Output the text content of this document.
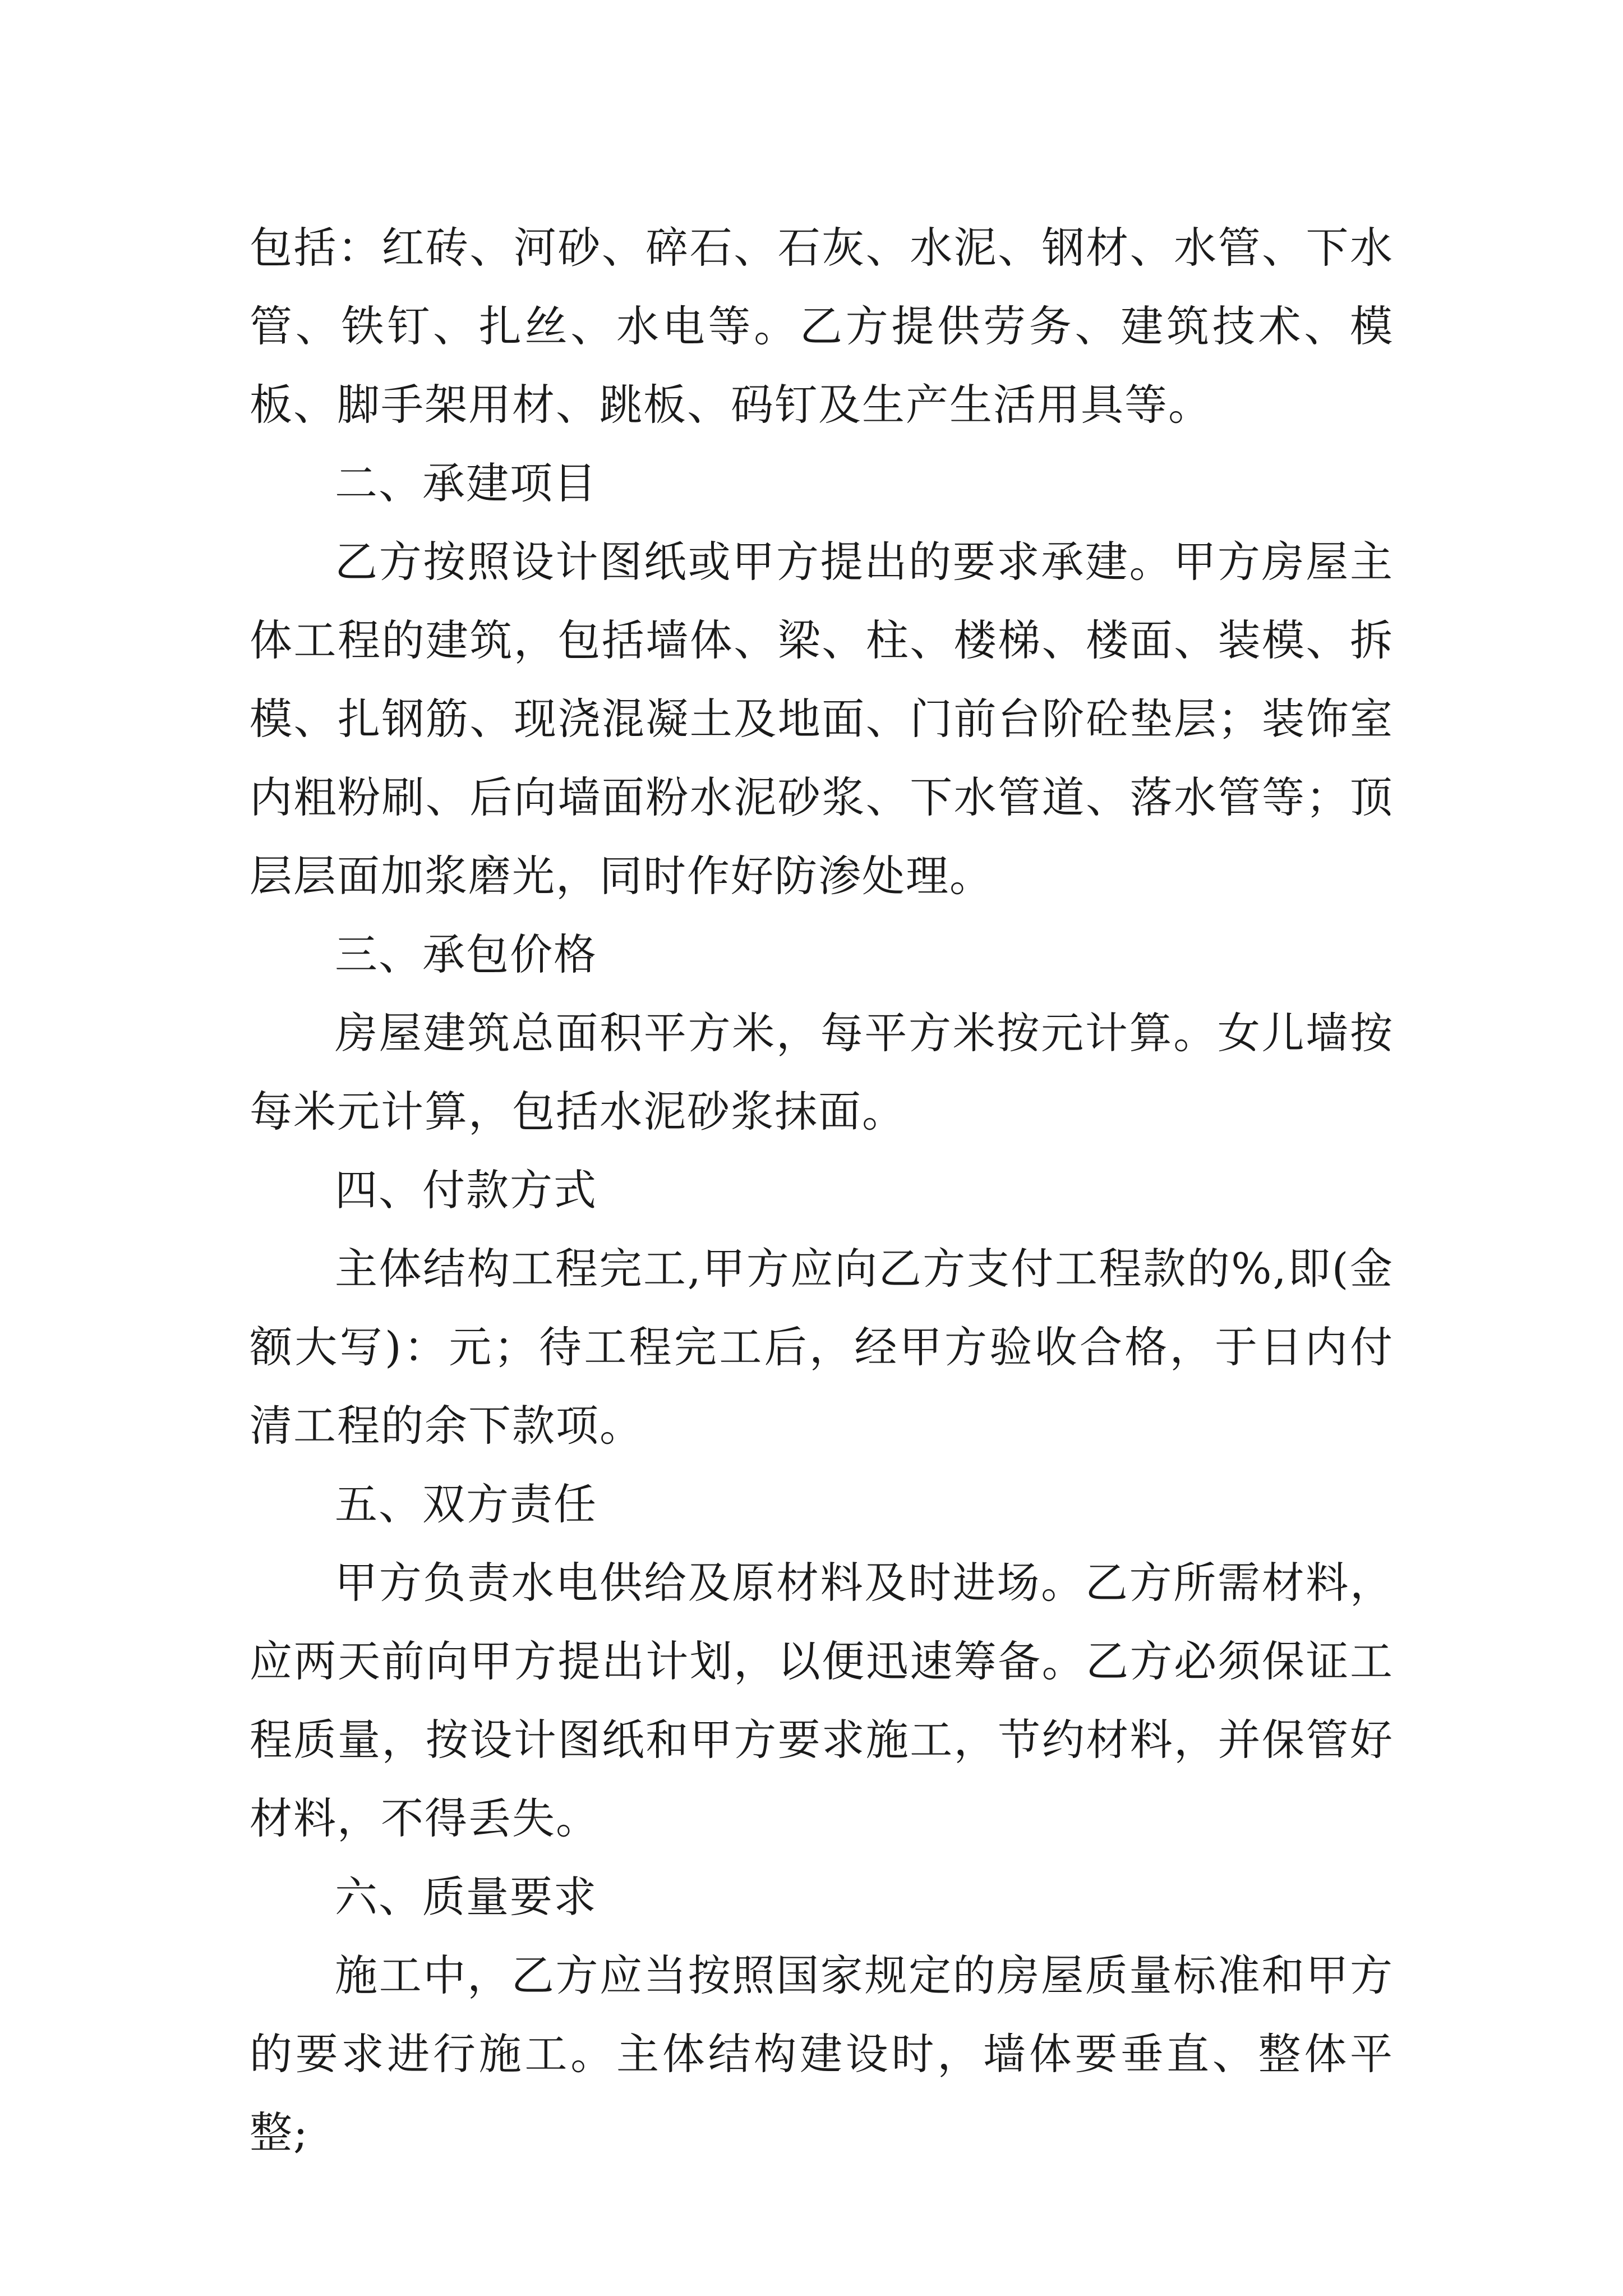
包括：红砖、河砂、碎石、石灰、水泥、钢材、水管、下水管、铁钉、扎丝、水电等。乙方提供劳务、建筑技术、模板、脚手架用材、跳板、码钉及生产生活用具等。

二、承建项目

乙方按照设计图纸或甲方提出的要求承建。甲方房屋主体工程的建筑，包括墙体、梁、柱、楼梯、楼面、装模、拆模、扎钢筋、现浇混凝土及地面、门前台阶砼垫层；装饰室内粗粉刷、后向墙面粉水泥砂浆、下水管道、落水管等；顶层层面加浆磨光，同时作好防渗处理。

三、承包价格

房屋建筑总面积平方米，每平方米按元计算。女儿墙按每米元计算，包括水泥砂浆抹面。

四、付款方式

主体结构工程完工,甲方应向乙方支付工程款的%,即(金额大写)：元；待工程完工后，经甲方验收合格，于日内付清工程的余下款项。

五、双方责任

甲方负责水电供给及原材料及时进场。乙方所需材料，应两天前向甲方提出计划，以便迅速筹备。乙方必须保证工程质量，按设计图纸和甲方要求施工，节约材料，并保管好材料，不得丢失。

六、质量要求

施工中，乙方应当按照国家规定的房屋质量标准和甲方的要求进行施工。主体结构建设时，墙体要垂直、整体平整;
